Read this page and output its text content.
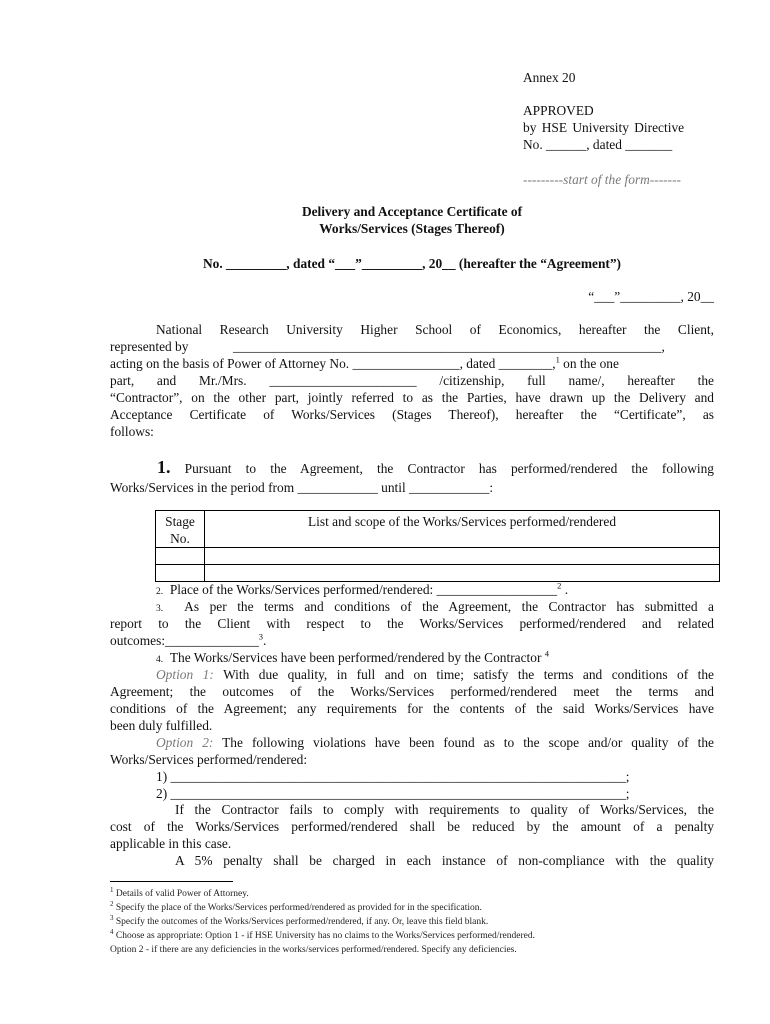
Annex 20
APPROVED
by HSE University Directive
No. ______, dated _______
---------start of the form-------
Delivery and Acceptance Certificate of
Works/Services (Stages Thereof)
No. _________, dated “___”_________, 20__ (hereafter the “Agreement”)
“___”_________, 20__
National Research University Higher School of Economics, hereafter the Client,
represented by	________________________________________________________________,
acting on the basis of Power of Attorney No. ________________, dated ________,$^1$ on the one
part, and Mr./Mrs. ______________________ /citizenship, full name/, hereafter the
“Contractor”, on the other part, jointly referred to as the Parties, have drawn up the Delivery and
Acceptance Certificate of Works/Services (Stages Thereof), hereafter the “Certificate”, as
follows:
1. Pursuant to the Agreement, the Contractor has performed/rendered the following
Works/Services in the period from ____________ until ____________:
Stage
No.	List and scope of the Works/Services performed/rendered

2. Place of the Works/Services performed/rendered: __________________$^2$ .
3. As per the terms and conditions of the Agreement, the Contractor has submitted a
report to the Client with respect to the Works/Services performed/rendered and related
outcomes:______________$^3$.
4. The Works/Services have been performed/rendered by the Contractor $^4$
Option 1: With due quality, in full and on time; satisfy the terms and conditions of the
Agreement; the outcomes of the Works/Services performed/rendered meet the terms and
conditions of the Agreement; any requirements for the contents of the said Works/Services have
been duly fulfilled.
Option 2: The following violations have been found as to the scope and/or quality of the
Works/Services performed/rendered:
1) ____________________________________________________________________;
2) ____________________________________________________________________;
If the Contractor fails to comply with requirements to quality of Works/Services, the
cost of the Works/Services performed/rendered shall be reduced by the amount of a penalty
applicable in this case.
A 5% penalty shall be charged in each instance of non-compliance with the quality
$^1$ Details of valid Power of Attorney.
$^2$ Specify the place of the Works/Services performed/rendered as provided for in the specification.
$^3$ Specify the outcomes of the Works/Services performed/rendered, if any. Or, leave this field blank.
$^4$ Choose as appropriate: Option 1 - if HSE University has no claims to the Works/Services performed/rendered.
Option 2 - if there are any deficiencies in the works/services performed/rendered. Specify any deficiencies.
